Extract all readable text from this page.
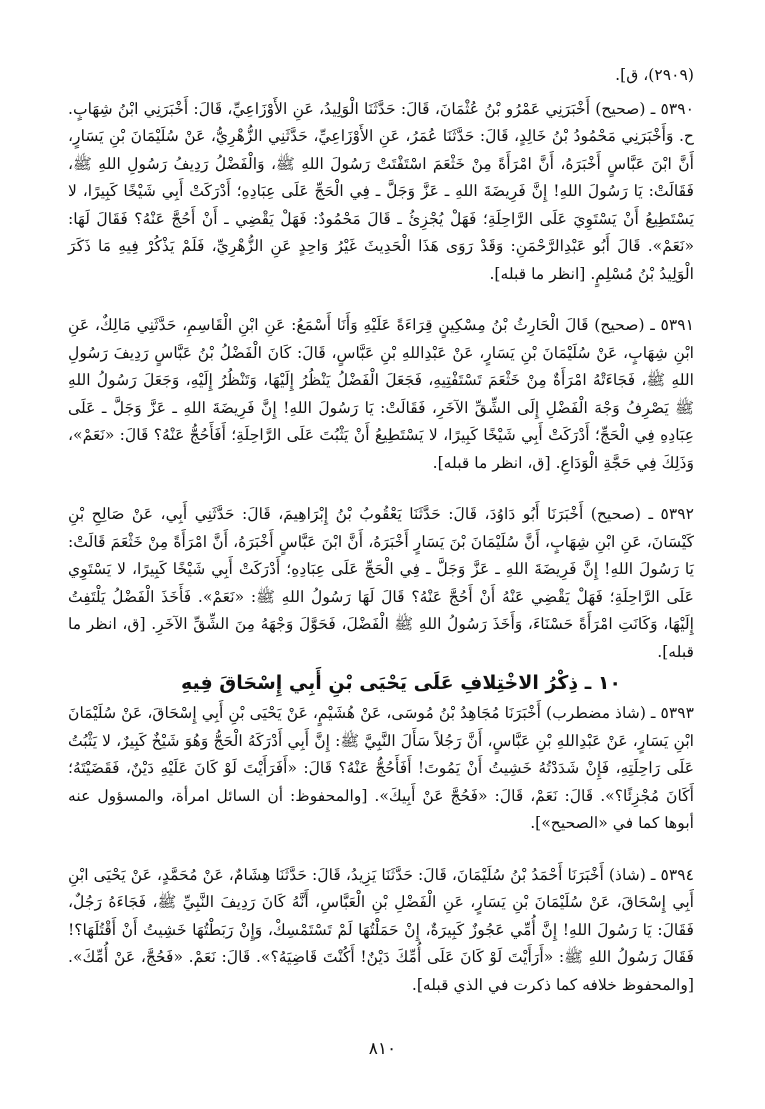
(٢٩٠٩)، ق].

٥٣٩٠ ـ (صحيح) أَخْبَرَنِي عَمْرُو بْنُ عُثْمَانَ، قَالَ: حَدَّثَنَا الْوَلِيدُ، عَنِ الأَوْزَاعِيِّ، قَالَ: أَخْبَرَنِي ابْنُ شِهَابٍ. ح. وَأَخْبَرَنِي مَحْمُودُ بْنُ خَالِدٍ، قَالَ: حَدَّثَنَا عُمَرُ، عَنِ الأَوْزَاعِيِّ، حَدَّثَنِي الزُّهْرِيُّ، عَنْ سُلَيْمَانَ بْنِ يَسَارٍ، أَنَّ ابْنَ عَبَّاسٍ أَخْبَرَهُ، أَنَّ امْرَأَةً مِنْ خَثْعَمَ اسْتَفْتَتْ رَسُولَ اللهِ ﷺ، وَالْفَضْلُ رَدِيفُ رَسُولِ اللهِ ﷺ، فَقَالَتْ: يَا رَسُولَ اللهِ! إِنَّ فَرِيضَةَ اللهِ ـ عَزَّ وَجَلَّ ـ فِي الْحَجِّ عَلَى عِبَادِهِ؛ أَدْرَكَتْ أَبِي شَيْخًا كَبِيرًا، لا يَسْتَطِيعُ أَنْ يَسْتَوِيَ عَلَى الرَّاحِلَةِ؛ فَهَلْ يُجْزِئُ ـ قَالَ مَحْمُودٌ: فَهَلْ يَقْضِي ـ أَنْ أَحُجَّ عَنْهُ؟ فَقَالَ لَهَا: «نَعَمْ». قَالَ أَبُو عَبْدِالرَّحْمَنِ: وَقَدْ رَوَى هَذَا الْحَدِيثَ غَيْرُ وَاحِدٍ عَنِ الزُّهْرِيِّ، فَلَمْ يَذْكُرْ فِيهِ مَا ذَكَرَ الْوَلِيدُ بْنُ مُسْلِمٍ. [انظر ما قبله].

٥٣٩١ ـ (صحيح) قَالَ الْحَارِثُ بْنُ مِسْكِينٍ قِرَاءَةً عَلَيْهِ وَأَنَا أَسْمَعُ: عَنِ ابْنِ الْقَاسِمِ، حَدَّثَنِي مَالِكٌ، عَنِ ابْنِ شِهَابٍ، عَنْ سُلَيْمَانَ بْنِ يَسَارٍ، عَنْ عَبْدِاللهِ بْنِ عَبَّاسٍ، قَالَ: كَانَ الْفَضْلُ بْنُ عَبَّاسٍ رَدِيفَ رَسُولِ اللهِ ﷺ، فَجَاءَتْهُ امْرَأَةٌ مِنْ خَثْعَمَ تَسْتَفْتِيهِ، فَجَعَلَ الْفَضْلُ يَنْظُرُ إِلَيْهَا، وَتَنْظُرُ إِلَيْهِ، وَجَعَلَ رَسُولُ اللهِ ﷺ يَصْرِفُ وَجْهَ الْفَضْلِ إِلَى الشِّقِّ الآخَرِ، فَقَالَتْ: يَا رَسُولَ اللهِ! إِنَّ فَرِيضَةَ اللهِ ـ عَزَّ وَجَلَّ ـ عَلَى عِبَادِهِ فِي الْحَجِّ؛ أَدْرَكَتْ أَبِي شَيْخًا كَبِيرًا، لا يَسْتَطِيعُ أَنْ يَثْبُتَ عَلَى الرَّاحِلَةِ؛ أَفَأَحُجُّ عَنْهُ؟ قَالَ: «نَعَمْ»، وَذَلِكَ فِي حَجَّةِ الْوَدَاعِ. [ق، انظر ما قبله].

٥٣٩٢ ـ (صحيح) أَخْبَرَنَا أَبُو دَاوُدَ، قَالَ: حَدَّثَنَا يَعْقُوبُ بْنُ إِبْرَاهِيمَ، قَالَ: حَدَّثَنِي أَبِي، عَنْ صَالِحِ بْنِ كَيْسَانَ، عَنِ ابْنِ شِهَابٍ، أَنَّ سُلَيْمَانَ بْنَ يَسَارٍ أَخْبَرَهُ، أَنَّ ابْنَ عَبَّاسٍ أَخْبَرَهُ، أَنَّ امْرَأَةً مِنْ خَثْعَمَ قَالَتْ: يَا رَسُولَ اللهِ! إِنَّ فَرِيضَةَ اللهِ ـ عَزَّ وَجَلَّ ـ فِي الْحَجِّ عَلَى عِبَادِهِ؛ أَدْرَكَتْ أَبِي شَيْخًا كَبِيرًا، لا يَسْتَوِي عَلَى الرَّاحِلَةِ؛ فَهَلْ يَقْضِي عَنْهُ أَنْ أَحُجَّ عَنْهُ؟ قَالَ لَهَا رَسُولُ اللهِ ﷺ: «نَعَمْ». فَأَخَذَ الْفَضْلُ يَلْتَفِتُ إِلَيْهَا، وَكَانَتِ امْرَأَةً حَسْنَاءَ، وَأَخَذَ رَسُولُ اللهِ ﷺ الْفَضْلَ، فَحَوَّلَ وَجْهَهُ مِنَ الشِّقِّ الآخَرِ. [ق، انظر ما قبله].

١٠ ـ ذِكْرُ الاخْتِلافِ عَلَى يَحْيَى بْنِ أَبِي إِسْحَاقَ فِيهِ

٥٣٩٣ ـ (شاذ مضطرب) أَخْبَرَنَا مُجَاهِدُ بْنُ مُوسَى، عَنْ هُشَيْمٍ، عَنْ يَحْيَى بْنِ أَبِي إِسْحَاقَ، عَنْ سُلَيْمَانَ ابْنِ يَسَارٍ، عَنْ عَبْدِاللهِ بْنِ عَبَّاسٍ، أَنَّ رَجُلاً سَأَلَ النَّبِيَّ ﷺ: إِنَّ أَبِي أَدْرَكَهُ الْحَجُّ وَهُوَ شَيْخٌ كَبِيرٌ، لا يَثْبُتُ عَلَى رَاحِلَتِهِ، فَإِنْ شَدَدْتُهُ خَشِيتُ أَنْ يَمُوتَ! أَفَأَحُجُّ عَنْهُ؟ قَالَ: «أَفَرَأَيْتَ لَوْ كَانَ عَلَيْهِ دَيْنٌ، فَقَضَيْتَهُ؛ أَكَانَ مُجْزِئًا؟». قَالَ: نَعَمْ، قَالَ: «فَحُجَّ عَنْ أَبِيكَ». [والمحفوظ: أن السائل امرأة، والمسؤول عنه أبوها كما في «الصحيح»].

٥٣٩٤ ـ (شاذ) أَخْبَرَنَا أَحْمَدُ بْنُ سُلَيْمَانَ، قَالَ: حَدَّثَنَا يَزِيدُ، قَالَ: حَدَّثَنَا هِشَامٌ، عَنْ مُحَمَّدٍ، عَنْ يَحْيَى ابْنِ أَبِي إِسْحَاقَ، عَنْ سُلَيْمَانَ بْنِ يَسَارٍ، عَنِ الْفَضْلِ بْنِ الْعَبَّاسِ، أَنَّهُ كَانَ رَدِيفَ النَّبِيِّ ﷺ، فَجَاءَهُ رَجُلٌ، فَقَالَ: يَا رَسُولَ اللهِ! إِنَّ أُمِّي عَجُوزٌ كَبِيرَةٌ، إِنْ حَمَلْتُهَا لَمْ تَسْتَمْسِكْ، وَإِنْ رَبَطْتُهَا خَشِيتُ أَنْ أَقْتُلَهَا؟! فَقَالَ رَسُولُ اللهِ ﷺ: «أَرَأَيْتَ لَوْ كَانَ عَلَى أُمِّكَ دَيْنٌ! أَكُنْتَ قَاضِيَهُ؟». قَالَ: نَعَمْ. «فَحُجَّ، عَنْ أُمِّكَ». [والمحفوظ خلافه كما ذكرت في الذي قبله].

٨١٠
